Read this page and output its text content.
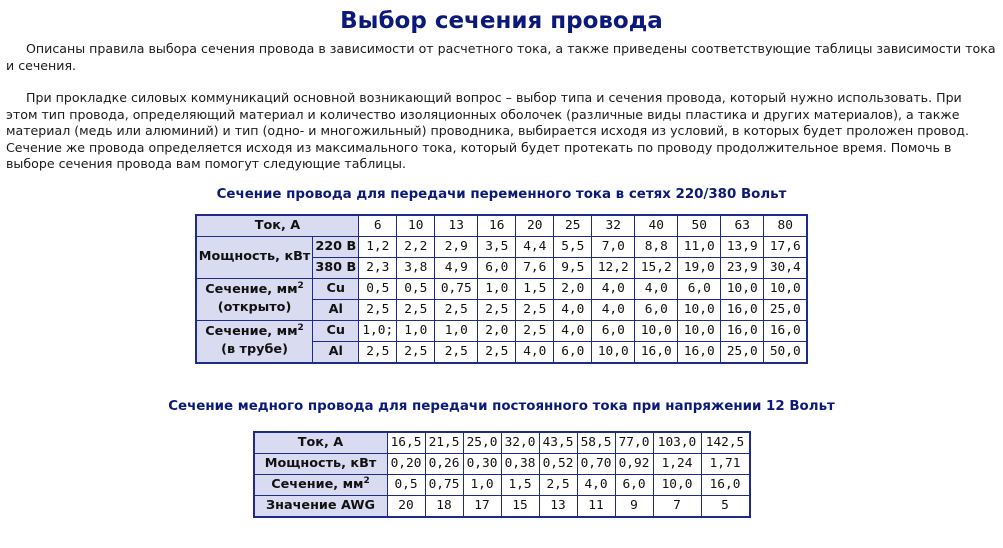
Выбор сечения провода

Описаны правила выбора сечения провода в зависимости от расчетного тока, а также приведены соответствующие таблицы зависимости тока и сечения.

При прокладке силовых коммуникаций основной возникающий вопрос – выбор типа и сечения провода, который нужно использовать. При этом тип провода, определяющий материал и количество изоляционных оболочек (различные виды пластика и других материалов), а также материал (медь или алюминий) и тип (одно- и многожильный) проводника, выбирается исходя из условий, в которых будет проложен провод. Сечение же провода определяется исходя из максимального тока, который будет протекать по проводу продолжительное время. Помочь в выборе сечения провода вам помогут следующие таблицы.

Сечение провода для передачи переменного тока в сетях 220/380 Вольт

Ток, А		6	10	13	16	20	25	32	40	50	63	80
Мощность, кВт	220 В	1,2	2,2	2,9	3,5	4,4	5,5	7,0	8,8	11,0	13,9	17,6
	380 В	2,3	3,8	4,9	6,0	7,6	9,5	12,2	15,2	19,0	23,9	30,4
Сечение, $мм^2$
(открыто)	Cu	0,5	0,5	0,75	1,0	1,5	2,0	4,0	4,0	6,0	10,0	10,0
	Al	2,5	2,5	2,5	2,5	2,5	4,0	4,0	6,0	10,0	16,0	25,0
Сечение, $мм^2$
(в трубе)	Cu	1,0;	1,0	1,0	2,0	2,5	4,0	6,0	10,0	10,0	16,0	16,0
	Al	2,5	2,5	2,5	2,5	4,0	6,0	10,0	16,0	16,0	25,0	50,0

Сечение медного провода для передачи постоянного тока при напряжении 12 Вольт

Ток, А	16,5	21,5	25,0	32,0	43,5	58,5	77,0	103,0	142,5
Мощность, кВт	0,20	0,26	0,30	0,38	0,52	0,70	0,92	1,24	1,71
Сечение, $мм^2$	0,5	0,75	1,0	1,5	2,5	4,0	6,0	10,0	16,0
Значение AWG	20	18	17	15	13	11	9	7	5
